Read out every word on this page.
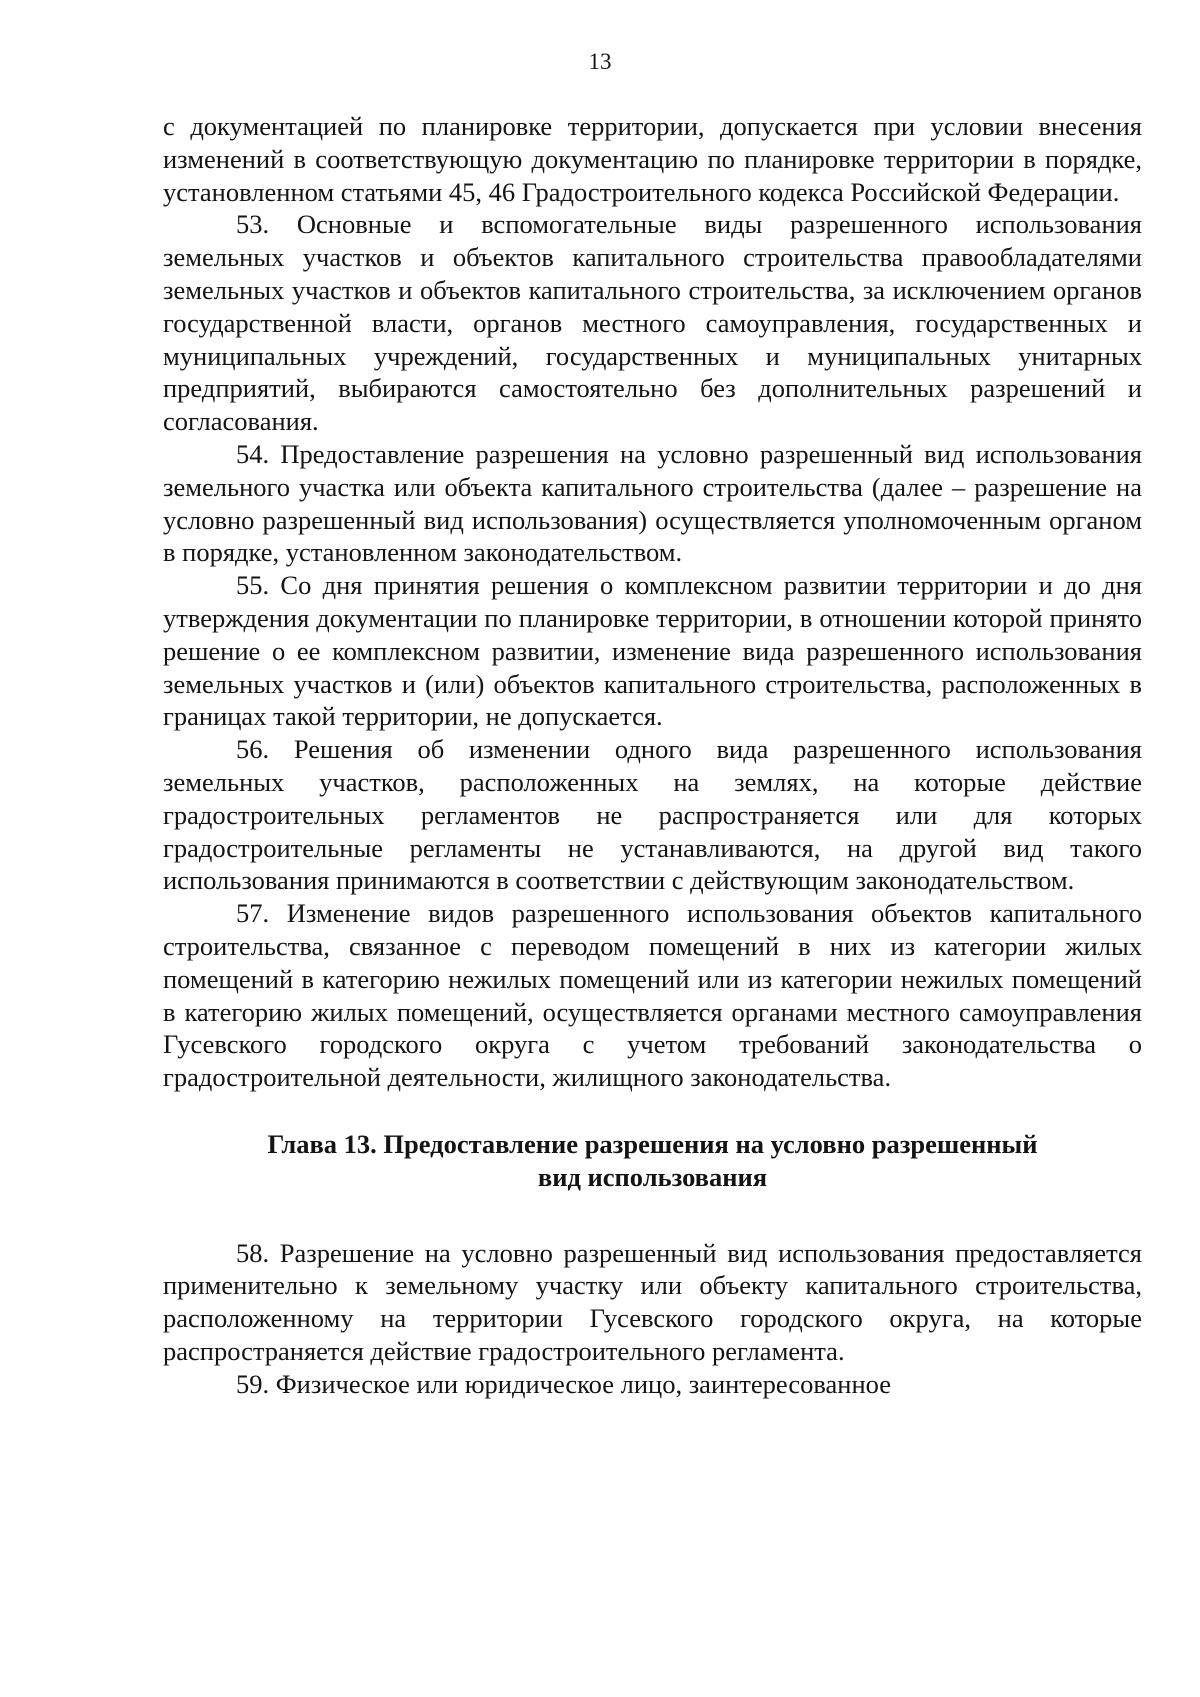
13

с документацией по планировке территории, допускается при условии внесения изменений в соответствующую документацию по планировке территории в порядке, установленном статьями 45, 46 Градостроительного кодекса Российской Федерации.

53. Основные и вспомогательные виды разрешенного использования земельных участков и объектов капитального строительства правообладателями земельных участков и объектов капитального строительства, за исключением органов государственной власти, органов местного самоуправления, государственных и муниципальных учреждений, государственных и муниципальных унитарных предприятий, выбираются самостоятельно без дополнительных разрешений и согласования.

54. Предоставление разрешения на условно разрешенный вид использования земельного участка или объекта капитального строительства (далее – разрешение на условно разрешенный вид использования) осуществляется уполномоченным органом в порядке, установленном законодательством.

55. Со дня принятия решения о комплексном развитии территории и до дня утверждения документации по планировке территории, в отношении которой принято решение о ее комплексном развитии, изменение вида разрешенного использования земельных участков и (или) объектов капитального строительства, расположенных в границах такой территории, не допускается.

56. Решения об изменении одного вида разрешенного использования земельных участков, расположенных на землях, на которые действие градостроительных регламентов не распространяется или для которых градостроительные регламенты не устанавливаются, на другой вид такого использования принимаются в соответствии с действующим законодательством.

57. Изменение видов разрешенного использования объектов капитального строительства, связанное с переводом помещений в них из категории жилых помещений в категорию нежилых помещений или из категории нежилых помещений в категорию жилых помещений, осуществляется органами местного самоуправления Гусевского городского округа с учетом требований законодательства о градостроительной деятельности, жилищного законодательства.

Глава 13. Предоставление разрешения на условно разрешенный
вид использования

58. Разрешение на условно разрешенный вид использования предоставляется применительно к земельному участку или объекту капитального строительства, расположенному на территории Гусевского городского округа, на которые распространяется действие градостроительного регламента.

59. Физическое или юридическое лицо, заинтересованное
